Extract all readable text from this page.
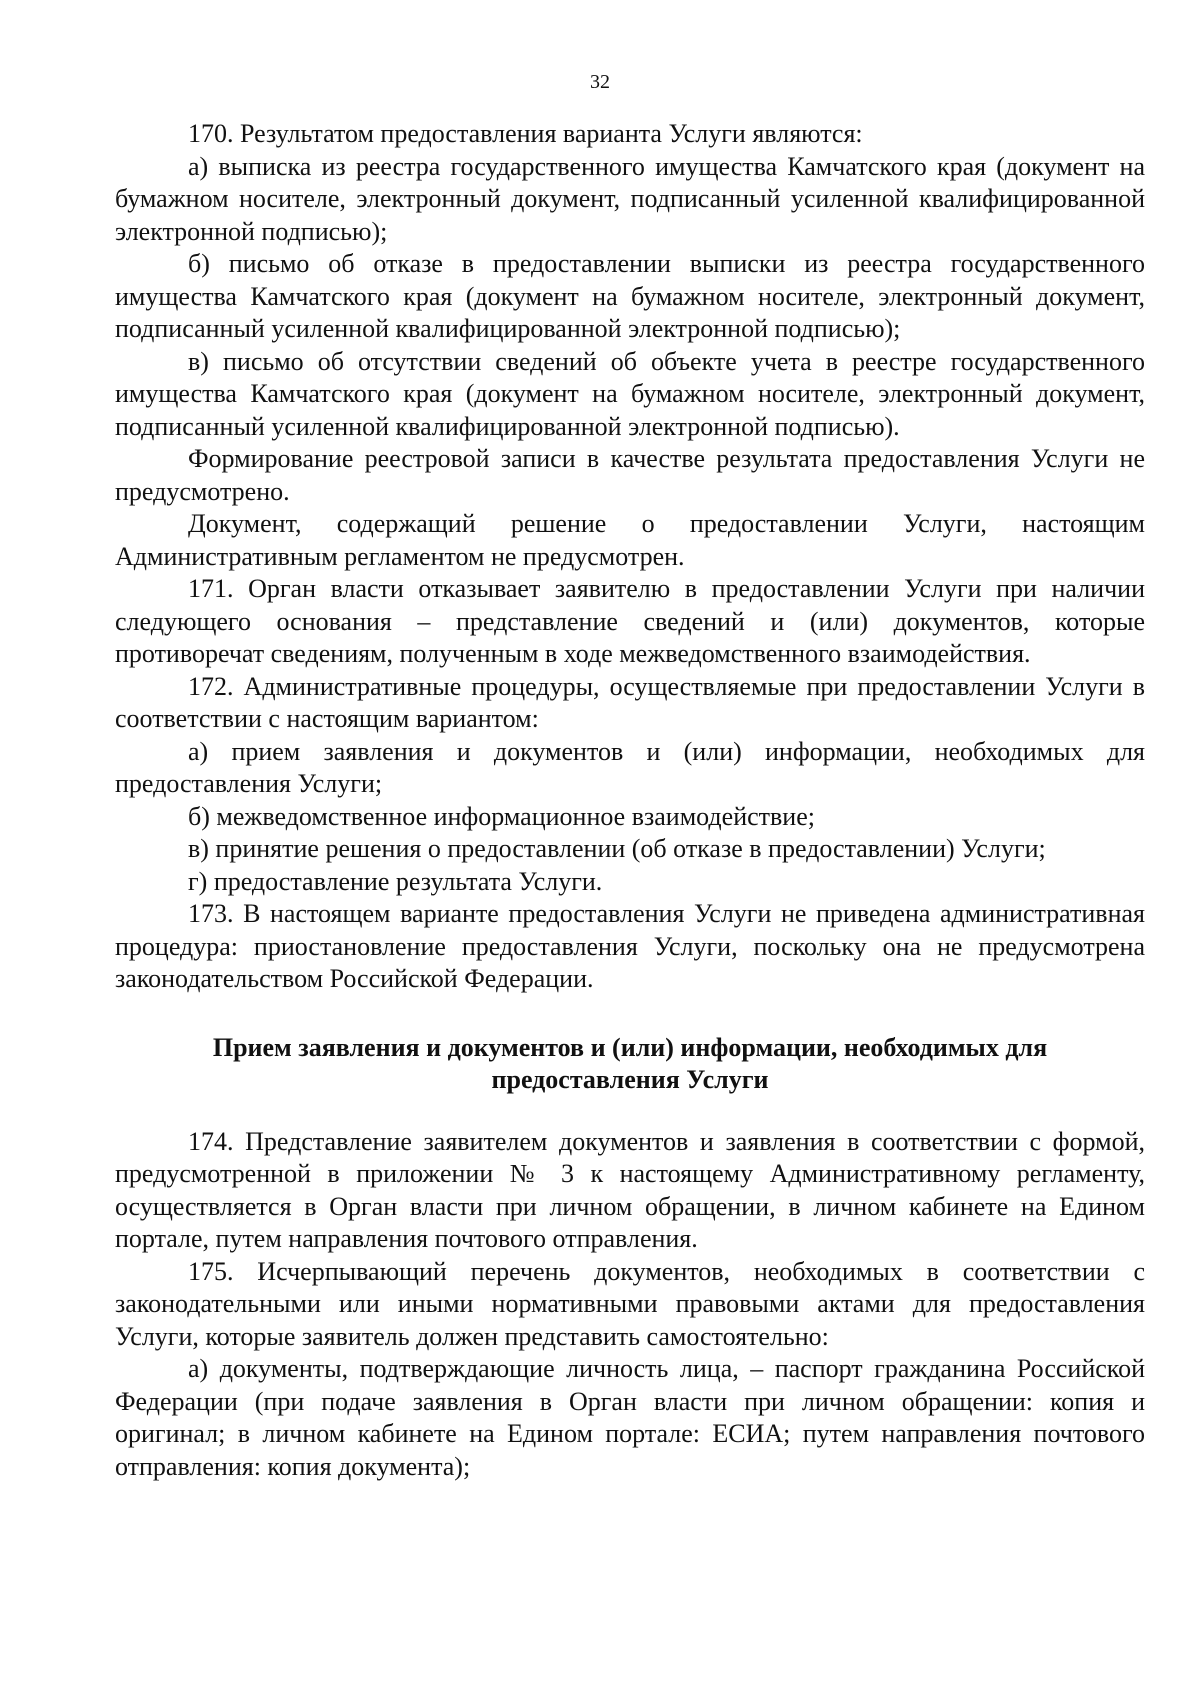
32

170. Результатом предоставления варианта Услуги являются:

а) выписка из реестра государственного имущества Камчатского края (документ на бумажном носителе, электронный документ, подписанный усиленной квалифицированной электронной подписью);

б) письмо об отказе в предоставлении выписки из реестра государственного имущества Камчатского края (документ на бумажном носителе, электронный документ, подписанный усиленной квалифицированной электронной подписью);

в) письмо об отсутствии сведений об объекте учета в реестре государственного имущества Камчатского края (документ на бумажном носителе, электронный документ, подписанный усиленной квалифицированной электронной подписью).

Формирование реестровой записи в качестве результата предоставления Услуги не предусмотрено.

Документ, содержащий решение о предоставлении Услуги, настоящим Административным регламентом не предусмотрен.

171. Орган власти отказывает заявителю в предоставлении Услуги при наличии следующего основания – представление сведений и (или) документов, которые противоречат сведениям, полученным в ходе межведомственного взаимодействия.

172. Административные процедуры, осуществляемые при предоставлении Услуги в соответствии с настоящим вариантом:

а) прием заявления и документов и (или) информации, необходимых для предоставления Услуги;

б) межведомственное информационное взаимодействие;

в) принятие решения о предоставлении (об отказе в предоставлении) Услуги;

г) предоставление результата Услуги.

173. В настоящем варианте предоставления Услуги не приведена административная процедура: приостановление предоставления Услуги, поскольку она не предусмотрена законодательством Российской Федерации.

Прием заявления и документов и (или) информации, необходимых для
предоставления Услуги

174. Представление заявителем документов и заявления в соответствии с формой, предусмотренной в приложении № 3 к настоящему Административному регламенту, осуществляется в Орган власти при личном обращении, в личном кабинете на Едином портале, путем направления почтового отправления.

175. Исчерпывающий перечень документов, необходимых в соответствии с законодательными или иными нормативными правовыми актами для предоставления Услуги, которые заявитель должен представить самостоятельно:

а) документы, подтверждающие личность лица, – паспорт гражданина Российской Федерации (при подаче заявления в Орган власти при личном обращении: копия и оригинал; в личном кабинете на Едином портале: ЕСИА; путем направления почтового отправления: копия документа);
